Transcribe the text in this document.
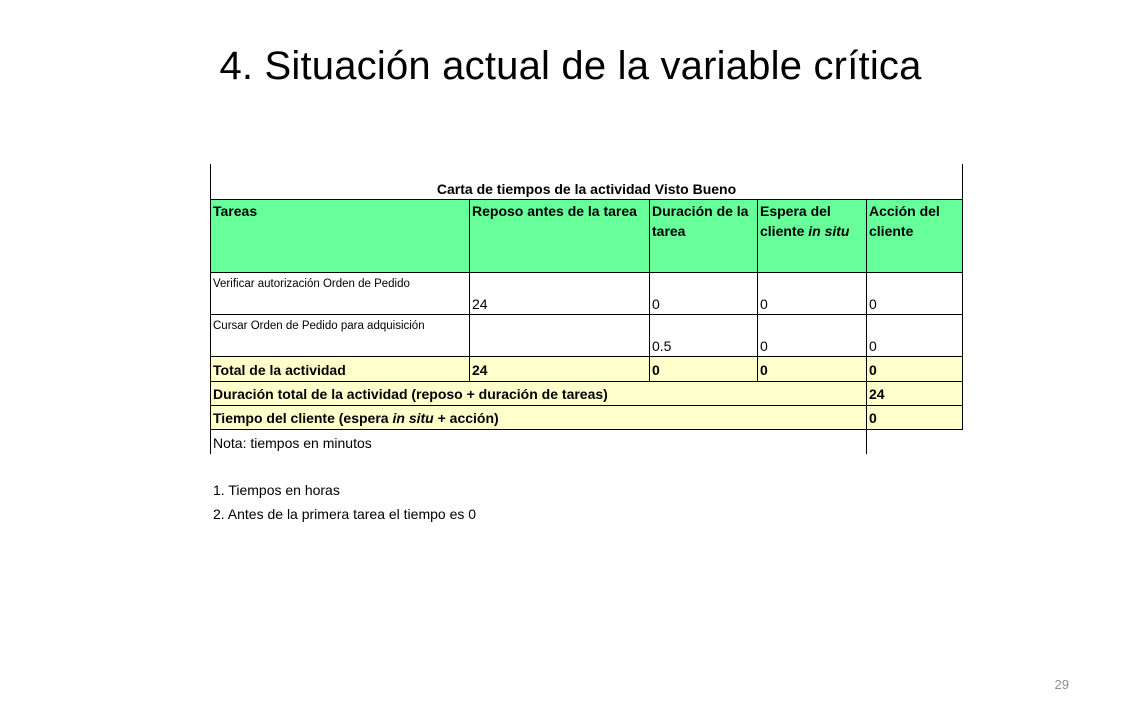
4. Situación actual de la variable crítica
Carta de tiempos de la actividad Visto Bueno				
Tareas	Reposo antes de la tarea	Duración de la tarea	Espera del cliente in situ	Acción del cliente
Verificar autorización Orden de Pedido	24	0	0	0
Cursar Orden de Pedido para adquisición		0.5	0	0
Total de la actividad	24	0	0	0
Duración total de la actividad (reposo + duración de tareas)				24
Tiempo del cliente (espera in situ + acción)				0
Nota: tiempos en minutos				
1. Tiempos en horas
2. Antes de la primera tarea el tiempo es 0
29
